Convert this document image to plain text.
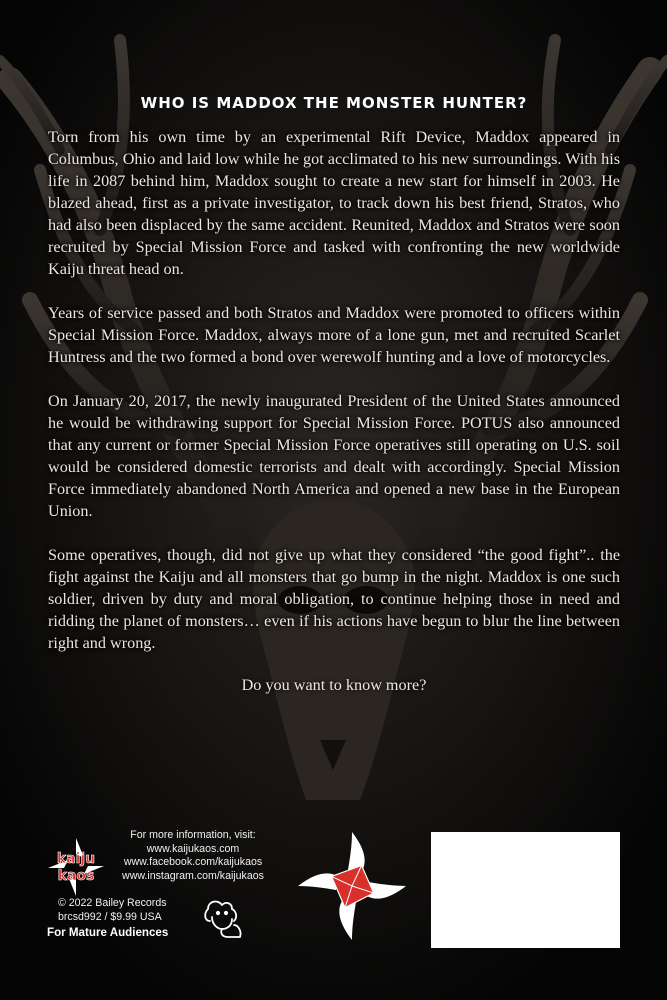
WHO IS MADDOX THE MONSTER HUNTER?

Torn from his own time by an experimental Rift Device, Maddox appeared in Columbus, Ohio and laid low while he got acclimated to his new surroundings. With his life in 2087 behind him, Maddox sought to create a new start for himself in 2003. He blazed ahead, first as a private investigator, to track down his best friend, Stratos, who had also been displaced by the same accident. Reunited, Maddox and Stratos were soon recruited by Special Mission Force and tasked with confronting the new worldwide Kaiju threat head on.

Years of service passed and both Stratos and Maddox were promoted to officers within Special Mission Force. Maddox, always more of a lone gun, met and recruited Scarlet Huntress and the two formed a bond over werewolf hunting and a love of motorcycles.

On January 20, 2017, the newly inaugurated President of the United States announced he would be withdrawing support for Special Mission Force. POTUS also announced that any current or former Special Mission Force operatives still operating on U.S. soil would be considered domestic terrorists and dealt with accordingly. Special Mission Force immediately abandoned North America and opened a new base in the European Union.

Some operatives, though, did not give up what they considered “the good fight”.. the fight against the Kaiju and all monsters that go bump in the night. Maddox is one such soldier, driven by duty and moral obligation, to continue helping those in need and ridding the planet of monsters… even if his actions have begun to blur the line between right and wrong.

Do you want to know more?

kaiju
kaos
For more information, visit:
www.kaijukaos.com
www.facebook.com/kaijukaos
www.instagram.com/kaijukaos
© 2022 Bailey Records
brcsd992 / $9.99 USA
For Mature Audiences
